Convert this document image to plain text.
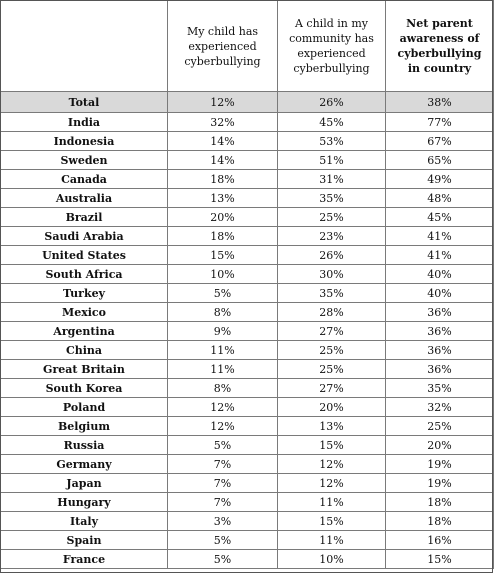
	My child has experienced cyberbullying	A child in my community has experienced cyberbullying	Net parent awareness of cyberbullying in country
Total	12%	26%	38%
India	32%	45%	77%
Indonesia	14%	53%	67%
Sweden	14%	51%	65%
Canada	18%	31%	49%
Australia	13%	35%	48%
Brazil	20%	25%	45%
Saudi Arabia	18%	23%	41%
United States	15%	26%	41%
South Africa	10%	30%	40%
Turkey	5%	35%	40%
Mexico	8%	28%	36%
Argentina	9%	27%	36%
China	11%	25%	36%
Great Britain	11%	25%	36%
South Korea	8%	27%	35%
Poland	12%	20%	32%
Belgium	12%	13%	25%
Russia	5%	15%	20%
Germany	7%	12%	19%
Japan	7%	12%	19%
Hungary	7%	11%	18%
Italy	3%	15%	18%
Spain	5%	11%	16%
France	5%	10%	15%
